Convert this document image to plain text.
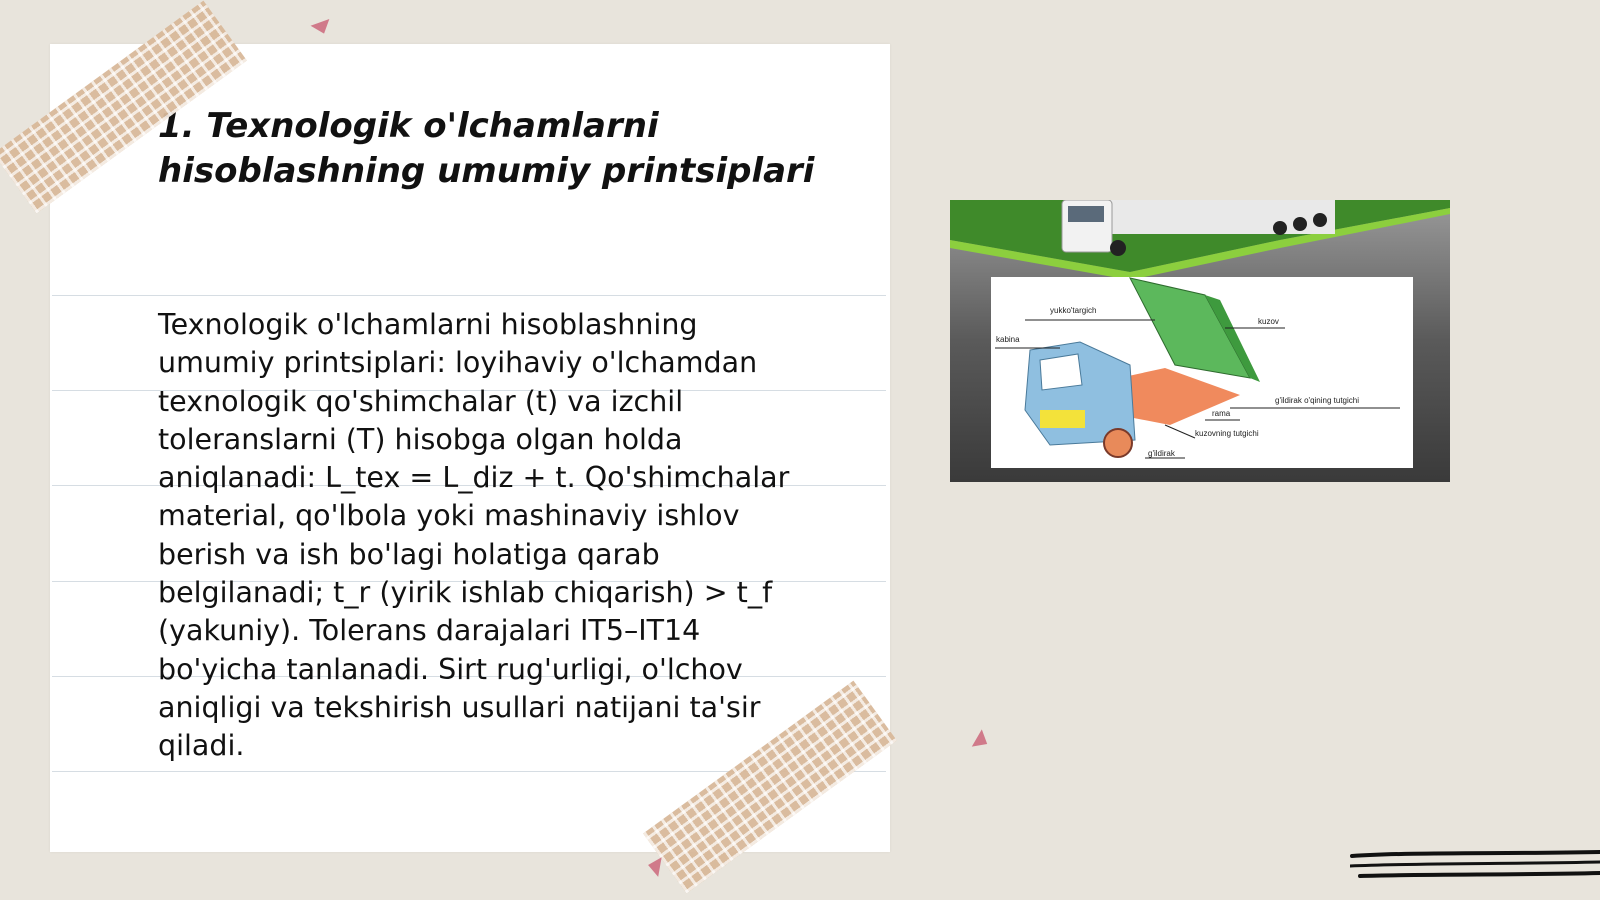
1. Texnologik o'lchamlarni hisoblashning umumiy printsiplari

Texnologik o'lchamlarni hisoblashning umumiy printsiplari: loyihaviy o'lchamdan texnologik qo'shimchalar (t) va izchil toleranslarni (T) hisobga olgan holda aniqlanadi: L_tex = L_diz + t. Qo'shimchalar material, qo'lbola yoki mashinaviy ishlov berish va ish bo'lagi holatiga qarab belgilanadi; t_r (yirik ishlab chiqarish) > t_f (yakuniy). Tolerans darajalari IT5–IT14 bo'yicha tanlanadi. Sirt rug'urligi, o'lchov aniqligi va tekshirish usullari natijani ta'sir qiladi.

yukko'targich
kabina
kuzov
g'ildirak o'qining tutgichi
rama
kuzovning tutgichi
g'ildirak
